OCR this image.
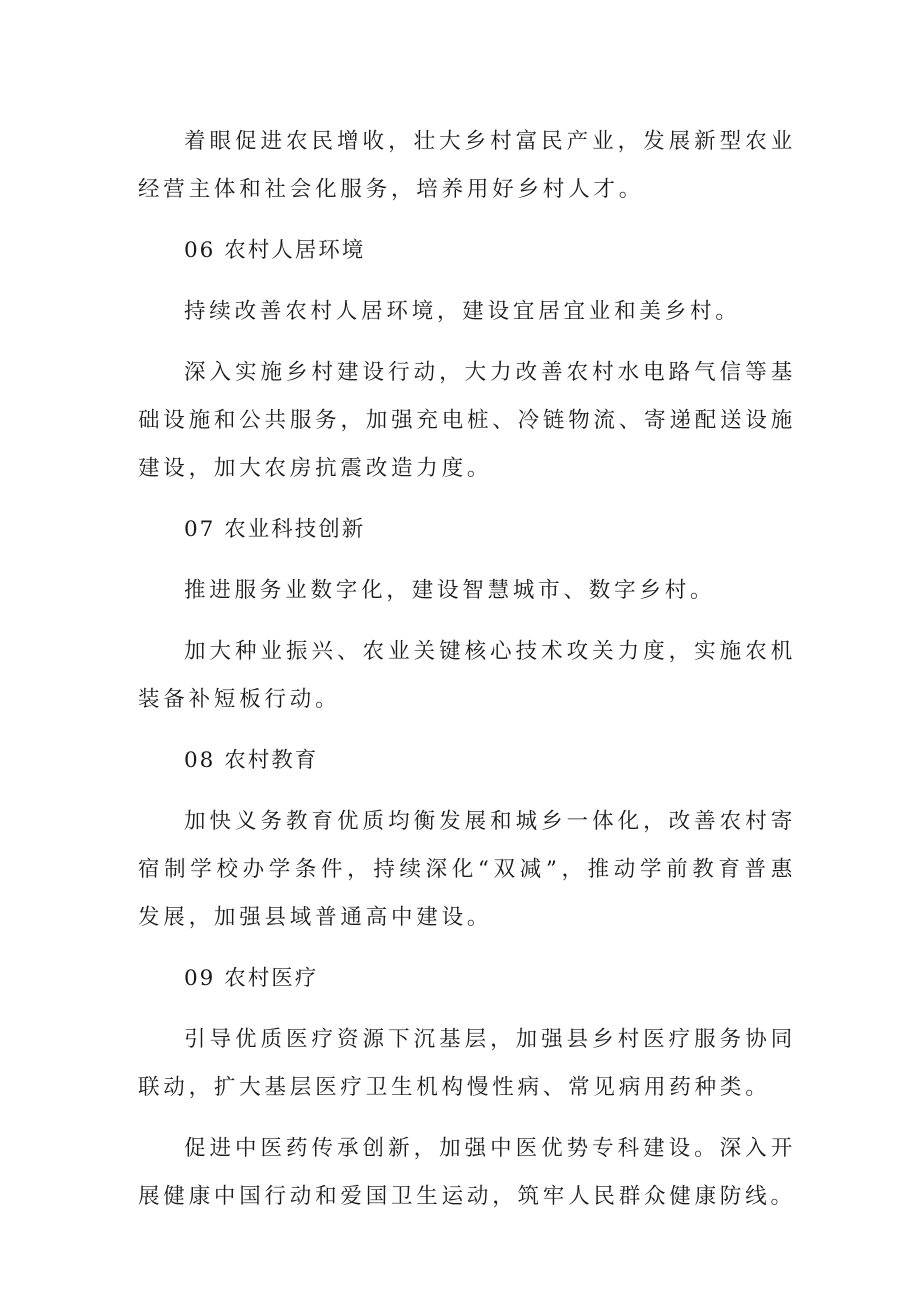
着眼促进农民增收，壮大乡村富民产业，发展新型农业经营主体和社会化服务，培养用好乡村人才。

06 农村人居环境

持续改善农村人居环境，建设宜居宜业和美乡村。

深入实施乡村建设行动，大力改善农村水电路气信等基础设施和公共服务，加强充电桩、冷链物流、寄递配送设施建设，加大农房抗震改造力度。

07 农业科技创新

推进服务业数字化，建设智慧城市、数字乡村。

加大种业振兴、农业关键核心技术攻关力度，实施农机装备补短板行动。

08 农村教育

加快义务教育优质均衡发展和城乡一体化，改善农村寄宿制学校办学条件，持续深化“双减”，推动学前教育普惠发展，加强县域普通高中建设。

09 农村医疗

引导优质医疗资源下沉基层，加强县乡村医疗服务协同联动，扩大基层医疗卫生机构慢性病、常见病用药种类。

促进中医药传承创新，加强中医优势专科建设。深入开展健康中国行动和爱国卫生运动，筑牢人民群众健康防线。
